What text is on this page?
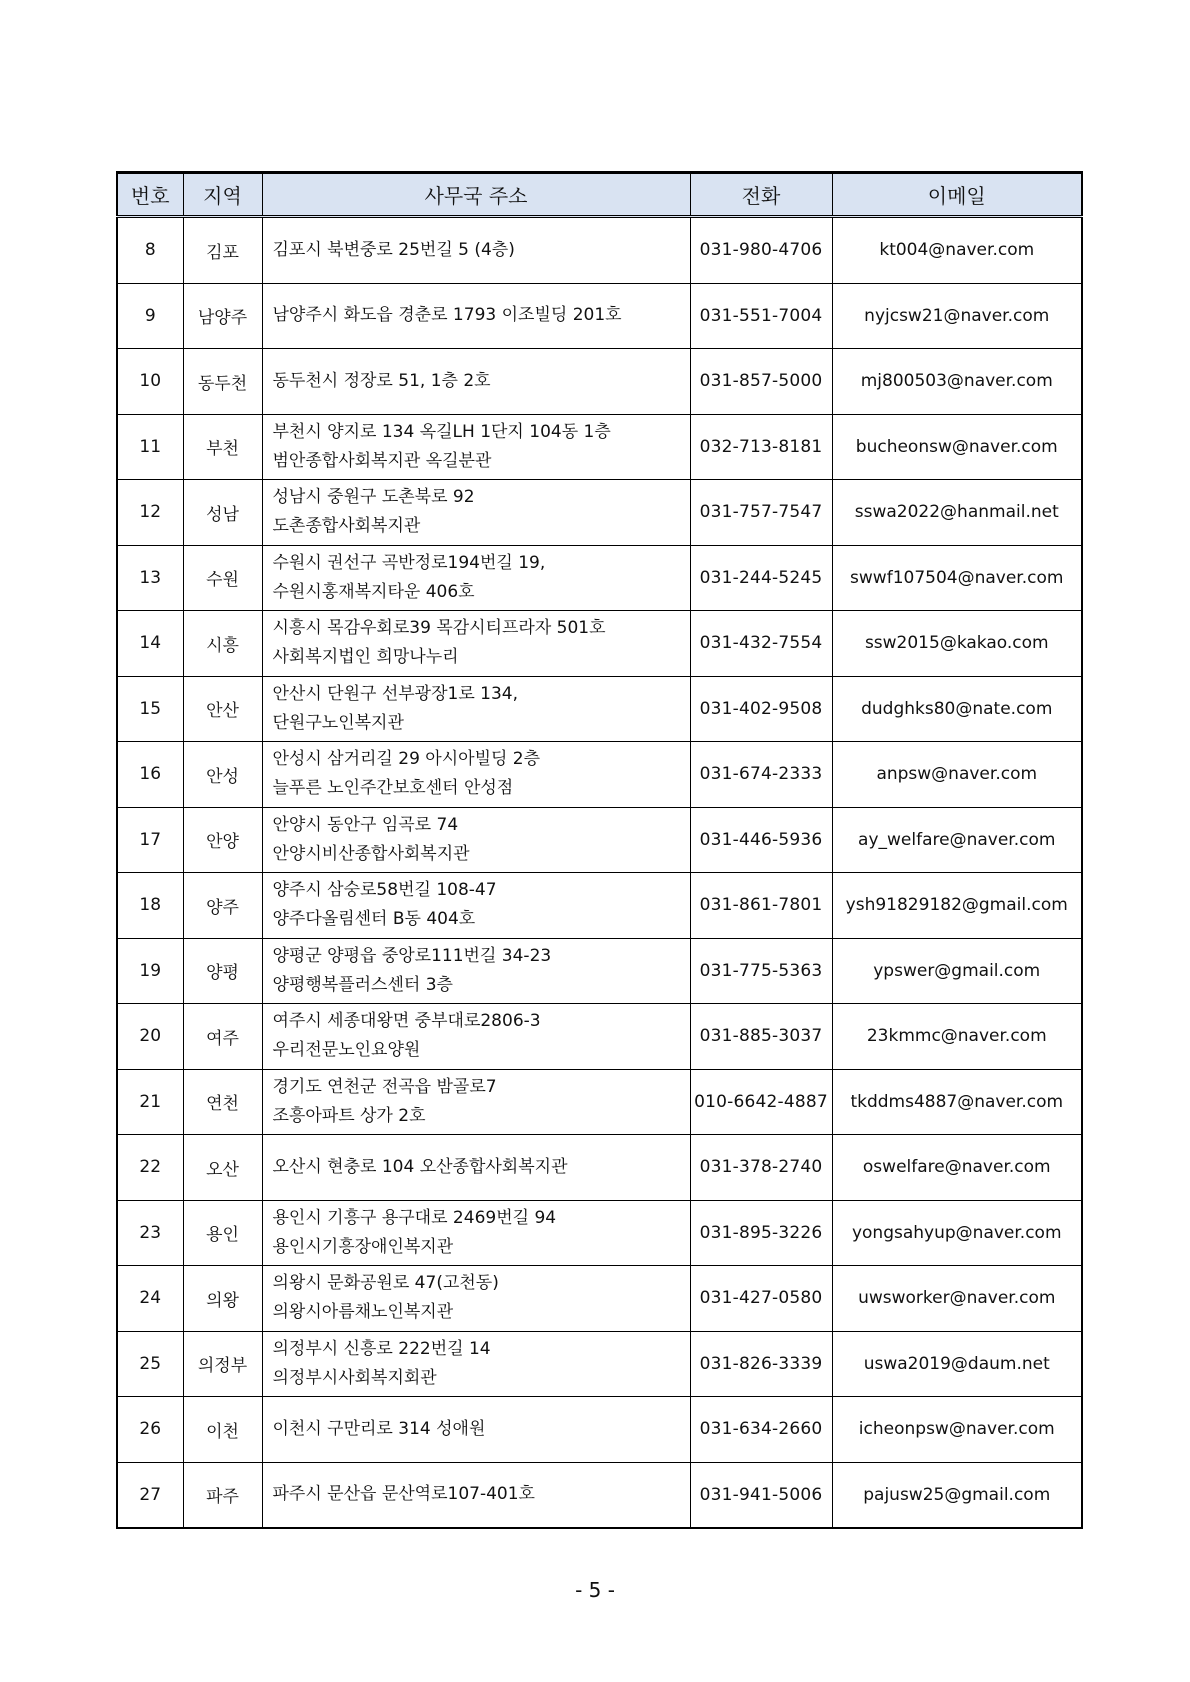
번호	지역	사무국 주소	전화	이메일
8	김포	김포시 북변중로 25번길 5 (4층)	031-980-4706	kt004@naver.com
9	남양주	남양주시 화도읍 경춘로 1793 이조빌딩 201호	031-551-7004	nyjcsw21@naver.com
10	동두천	동두천시 정장로 51, 1층 2호	031-857-5000	mj800503@naver.com
11	부천	부천시 양지로 134 옥길LH 1단지 104동 1층
범안종합사회복지관 옥길분관	032-713-8181	bucheonsw@naver.com
12	성남	성남시 중원구 도촌북로 92
도촌종합사회복지관	031-757-7547	sswa2022@hanmail.net
13	수원	수원시 권선구 곡반정로194번길 19,
수원시홍재복지타운 406호	031-244-5245	swwf107504@naver.com
14	시흥	시흥시 목감우회로39 목감시티프라자 501호
사회복지법인 희망나누리	031-432-7554	ssw2015@kakao.com
15	안산	안산시 단원구 선부광장1로 134,
단원구노인복지관	031-402-9508	dudghks80@nate.com
16	안성	안성시 삼거리길 29 아시아빌딩 2층
늘푸른 노인주간보호센터 안성점	031-674-2333	anpsw@naver.com
17	안양	안양시 동안구 임곡로 74
안양시비산종합사회복지관	031-446-5936	ay_welfare@naver.com
18	양주	양주시 삼숭로58번길 108-47
양주다올림센터 B동 404호	031-861-7801	ysh91829182@gmail.com
19	양평	양평군 양평읍 중앙로111번길 34-23
양평행복플러스센터 3층	031-775-5363	ypswer@gmail.com
20	여주	여주시 세종대왕면 중부대로2806-3
우리전문노인요양원	031-885-3037	23kmmc@naver.com
21	연천	경기도 연천군 전곡읍 밤골로7
조흥아파트 상가 2호	010-6642-4887	tkddms4887@naver.com
22	오산	오산시 현충로 104 오산종합사회복지관	031-378-2740	oswelfare@naver.com
23	용인	용인시 기흥구 용구대로 2469번길 94
용인시기흥장애인복지관	031-895-3226	yongsahyup@naver.com
24	의왕	의왕시 문화공원로 47(고천동)
의왕시아름채노인복지관	031-427-0580	uwsworker@naver.com
25	의정부	의정부시 신흥로 222번길 14
의정부시사회복지회관	031-826-3339	uswa2019@daum.net
26	이천	이천시 구만리로 314 성애원	031-634-2660	icheonpsw@naver.com
27	파주	파주시 문산읍 문산역로107-401호	031-941-5006	pajusw25@gmail.com
- 5 -
